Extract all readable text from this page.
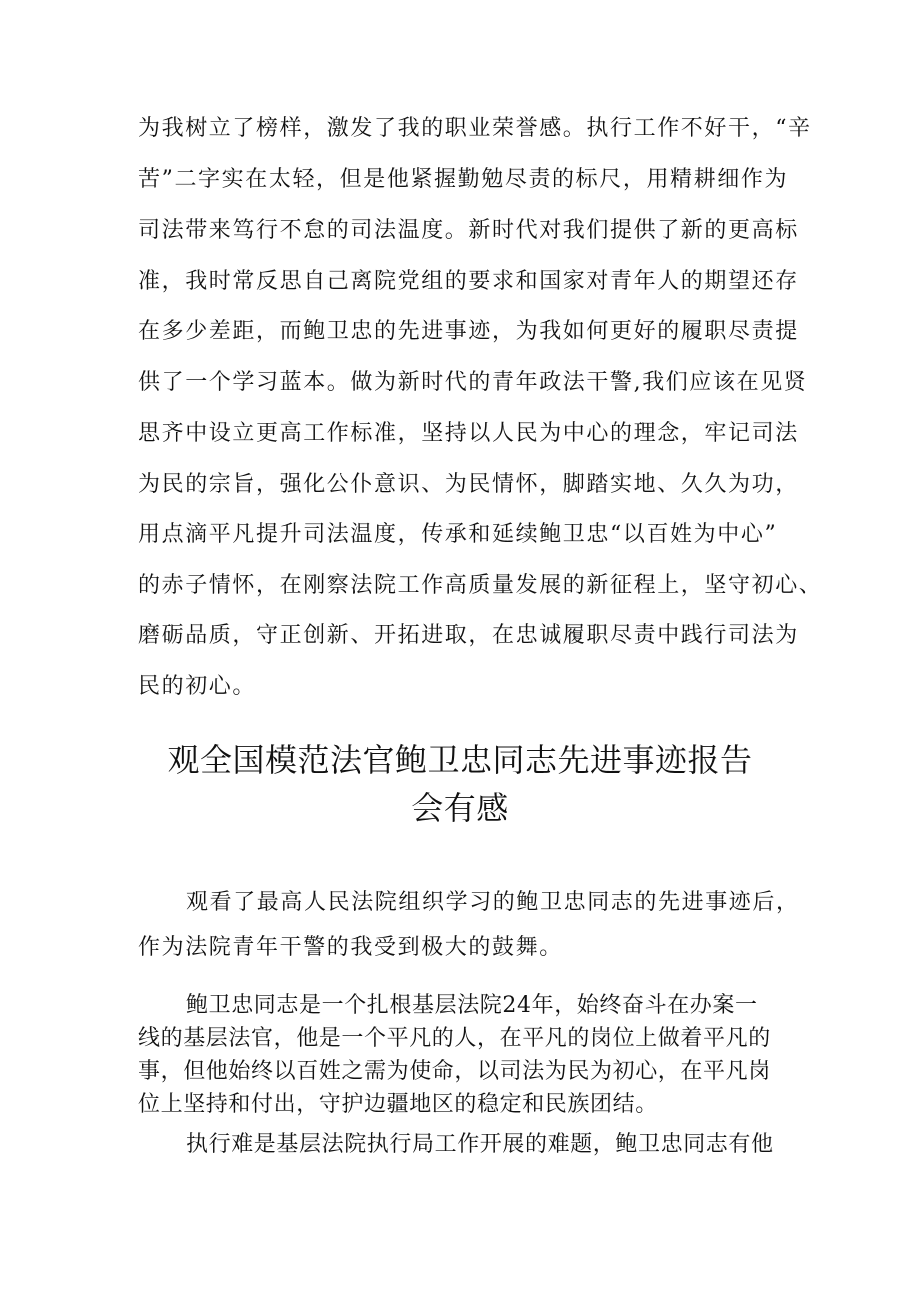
为我树立了榜样，激发了我的职业荣誉感。执行工作不好干，“辛
苦”二字实在太轻，但是他紧握勤勉尽责的标尺，用精耕细作为
司法带来笃行不怠的司法温度。新时代对我们提供了新的更高标
准，我时常反思自己离院党组的要求和国家对青年人的期望还存
在多少差距，而鲍卫忠的先进事迹，为我如何更好的履职尽责提
供了一个学习蓝本。做为新时代的青年政法干警,我们应该在见贤
思齐中设立更高工作标准，坚持以人民为中心的理念，牢记司法
为民的宗旨，强化公仆意识、为民情怀，脚踏实地、久久为功，
用点滴平凡提升司法温度，传承和延续鲍卫忠“以百姓为中心”
的赤子情怀，在刚察法院工作高质量发展的新征程上，坚守初心、
磨砺品质，守正创新、开拓进取，在忠诚履职尽责中践行司法为
民的初心。
观全国模范法官鲍卫忠同志先进事迹报告
会有感
观看了最高人民法院组织学习的鲍卫忠同志的先进事迹后，
作为法院青年干警的我受到极大的鼓舞。
鲍卫忠同志是一个扎根基层法院24年，始终奋斗在办案一
线的基层法官，他是一个平凡的人，在平凡的岗位上做着平凡的
事，但他始终以百姓之需为使命，以司法为民为初心，在平凡岗
位上坚持和付出，守护边疆地区的稳定和民族团结。
执行难是基层法院执行局工作开展的难题，鲍卫忠同志有他
